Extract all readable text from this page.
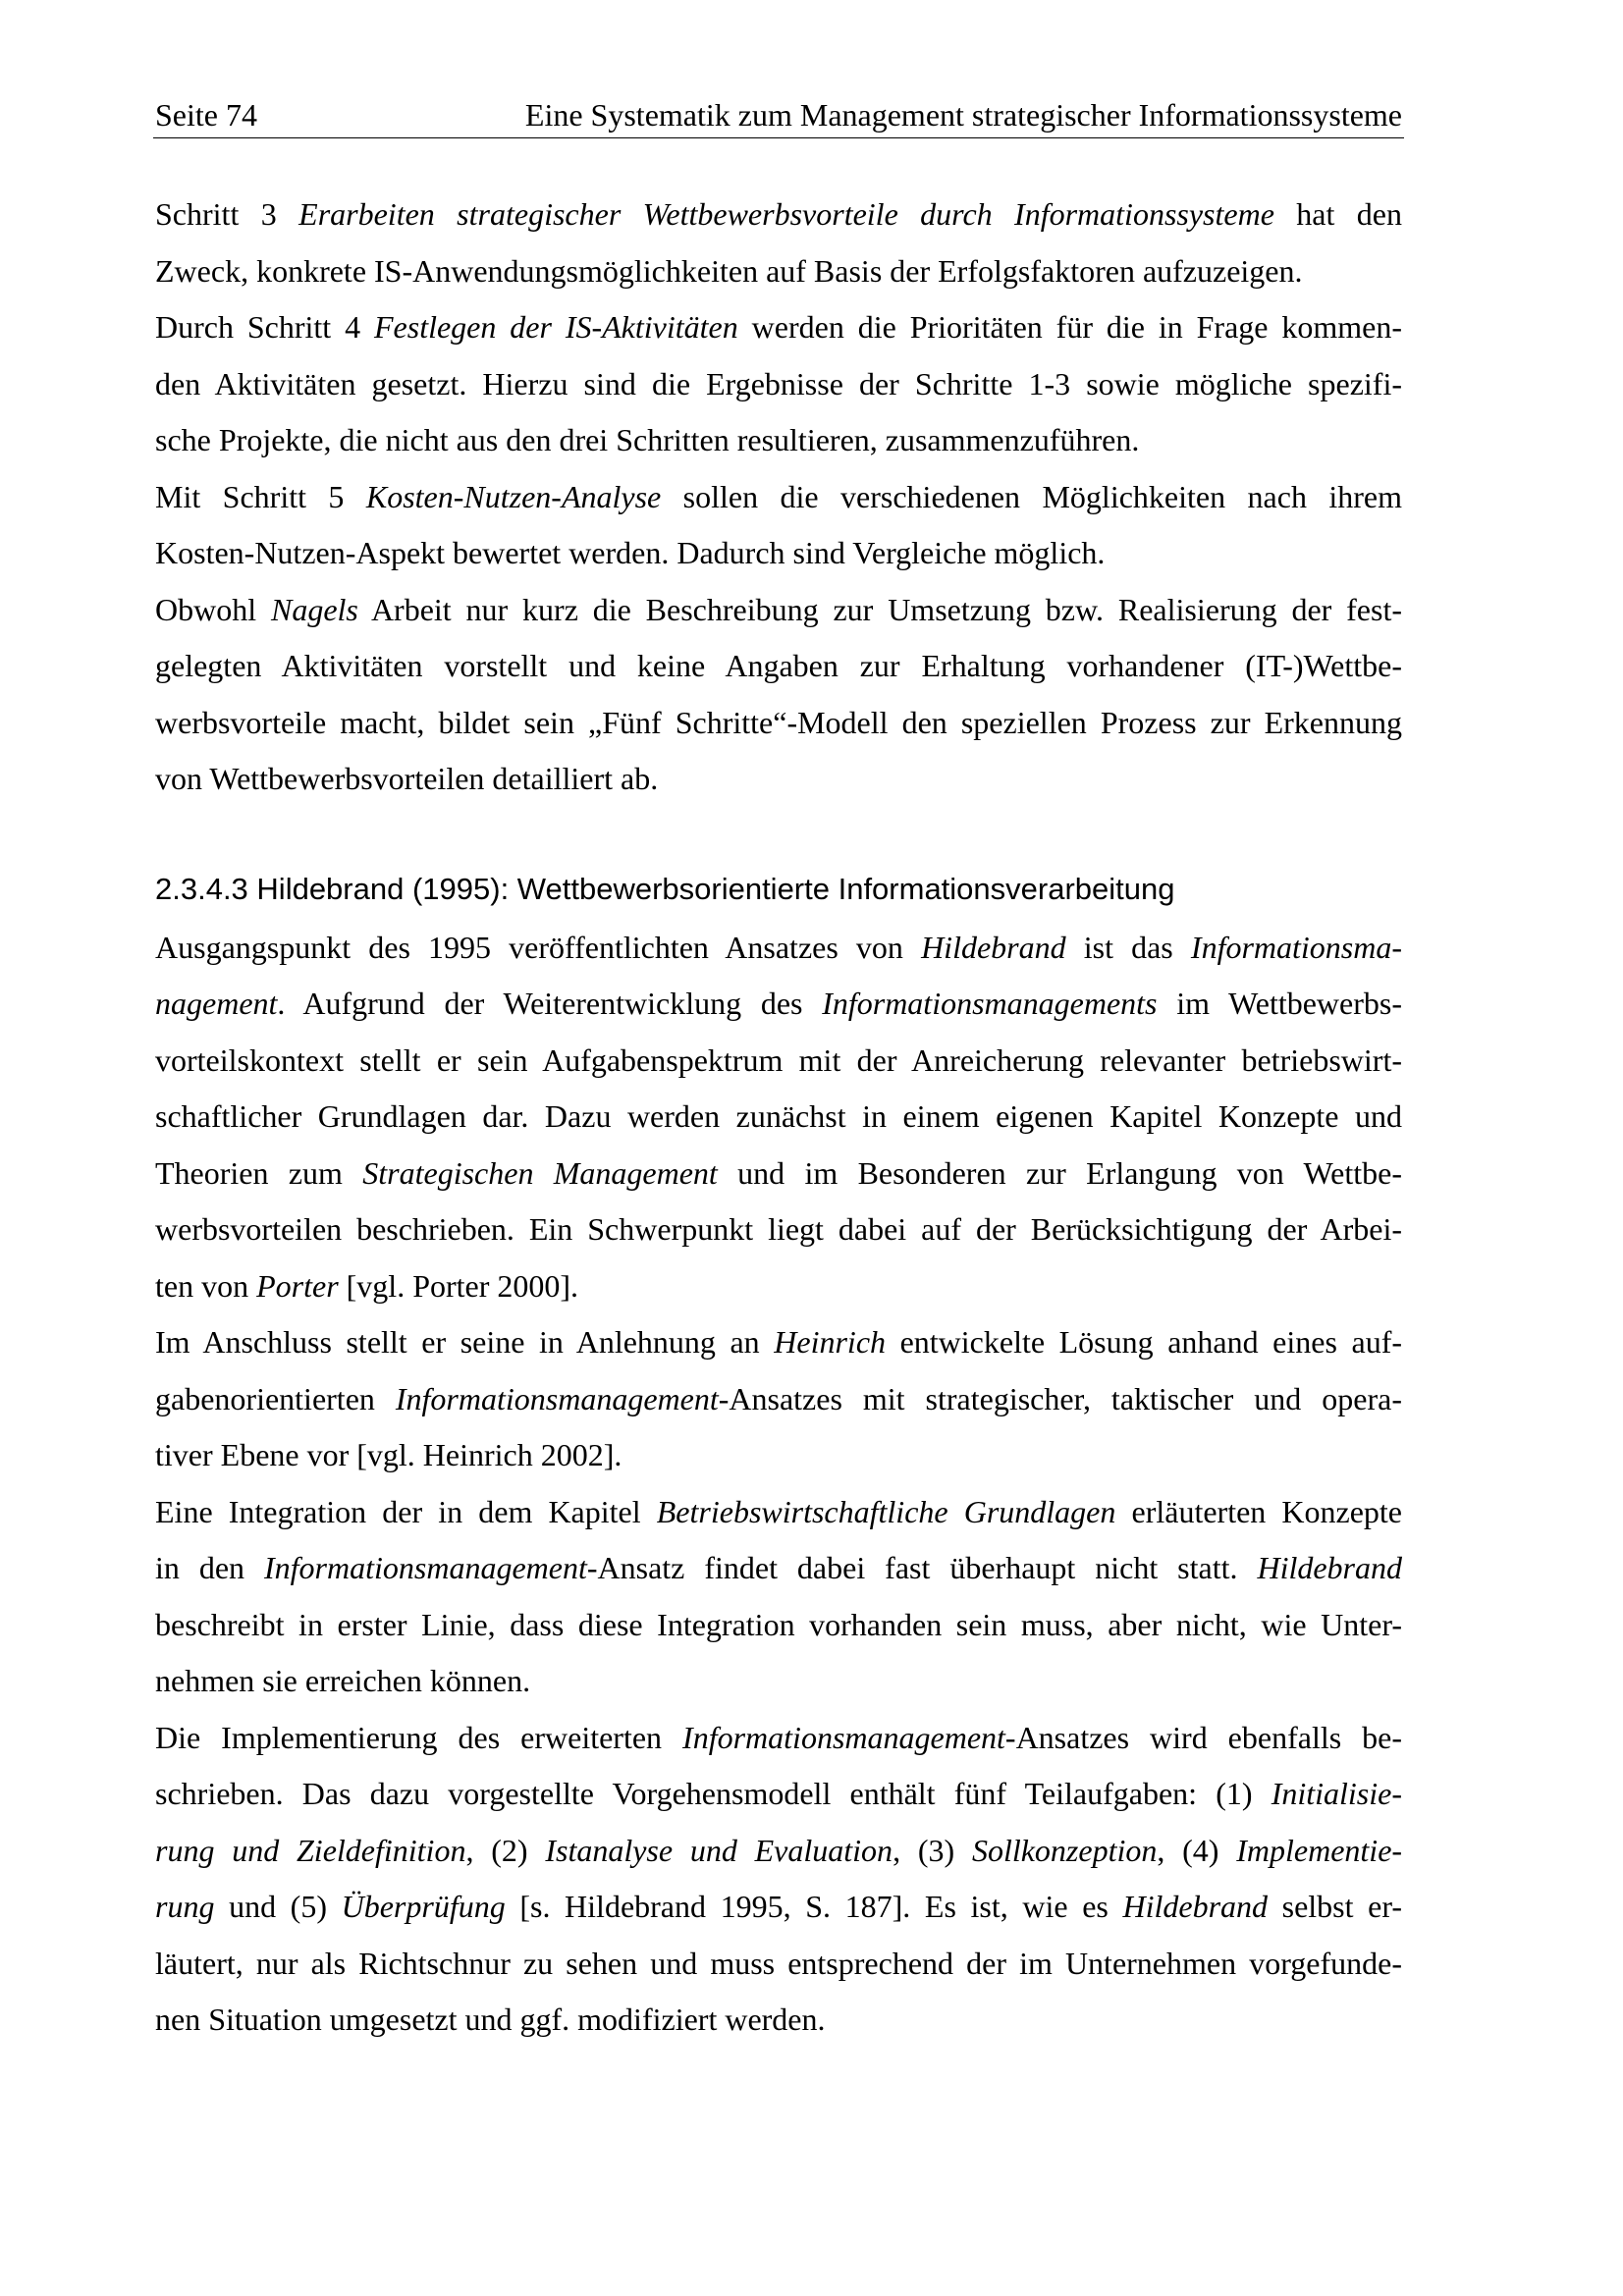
Seite 74	Eine Systematik zum Management strategischer Informationssysteme
2.3.4.3 Hildebrand (1995): Wettbewerbsorientierte Informationsverarbeitung
Schritt 3 Erarbeiten strategischer Wettbewerbsvorteile durch Informationssysteme hat den
Zweck, konkrete IS-Anwendungsmöglichkeiten auf Basis der Erfolgsfaktoren aufzuzeigen.
Durch Schritt 4 Festlegen der IS-Aktivitäten werden die Prioritäten für die in Frage kommen-
den Aktivitäten gesetzt. Hierzu sind die Ergebnisse der Schritte 1-3 sowie mögliche spezifi-
sche Projekte, die nicht aus den drei Schritten resultieren, zusammenzuführen.
Mit Schritt 5 Kosten-Nutzen-Analyse sollen die verschiedenen Möglichkeiten nach ihrem
Kosten-Nutzen-Aspekt bewertet werden. Dadurch sind Vergleiche möglich.
Obwohl Nagels Arbeit nur kurz die Beschreibung zur Umsetzung bzw. Realisierung der fest-
gelegten Aktivitäten vorstellt und keine Angaben zur Erhaltung vorhandener (IT-)Wettbe-
werbsvorteile macht, bildet sein „Fünf Schritte“-Modell den speziellen Prozess zur Erkennung
von Wettbewerbsvorteilen detailliert ab.
Ausgangspunkt des 1995 veröffentlichten Ansatzes von Hildebrand ist das Informationsma-
nagement. Aufgrund der Weiterentwicklung des Informationsmanagements im Wettbewerbs-
vorteilskontext stellt er sein Aufgabenspektrum mit der Anreicherung relevanter betriebswirt-
schaftlicher Grundlagen dar. Dazu werden zunächst in einem eigenen Kapitel Konzepte und
Theorien zum Strategischen Management und im Besonderen zur Erlangung von Wettbe-
werbsvorteilen beschrieben. Ein Schwerpunkt liegt dabei auf der Berücksichtigung der Arbei-
ten von Porter [vgl. Porter 2000].
Im Anschluss stellt er seine in Anlehnung an Heinrich entwickelte Lösung anhand eines auf-
gabenorientierten Informationsmanagement-Ansatzes mit strategischer, taktischer und opera-
tiver Ebene vor [vgl. Heinrich 2002].
Eine Integration der in dem Kapitel Betriebswirtschaftliche Grundlagen erläuterten Konzepte
in den Informationsmanagement-Ansatz findet dabei fast überhaupt nicht statt. Hildebrand
beschreibt in erster Linie, dass diese Integration vorhanden sein muss, aber nicht, wie Unter-
nehmen sie erreichen können.
Die Implementierung des erweiterten Informationsmanagement-Ansatzes wird ebenfalls be-
schrieben. Das dazu vorgestellte Vorgehensmodell enthält fünf Teilaufgaben: (1) Initialisie-
rung und Zieldefinition, (2) Istanalyse und Evaluation, (3) Sollkonzeption, (4) Implementie-
rung und (5) Überprüfung [s. Hildebrand 1995, S. 187]. Es ist, wie es Hildebrand selbst er-
läutert, nur als Richtschnur zu sehen und muss entsprechend der im Unternehmen vorgefunde-
nen Situation umgesetzt und ggf. modifiziert werden.
